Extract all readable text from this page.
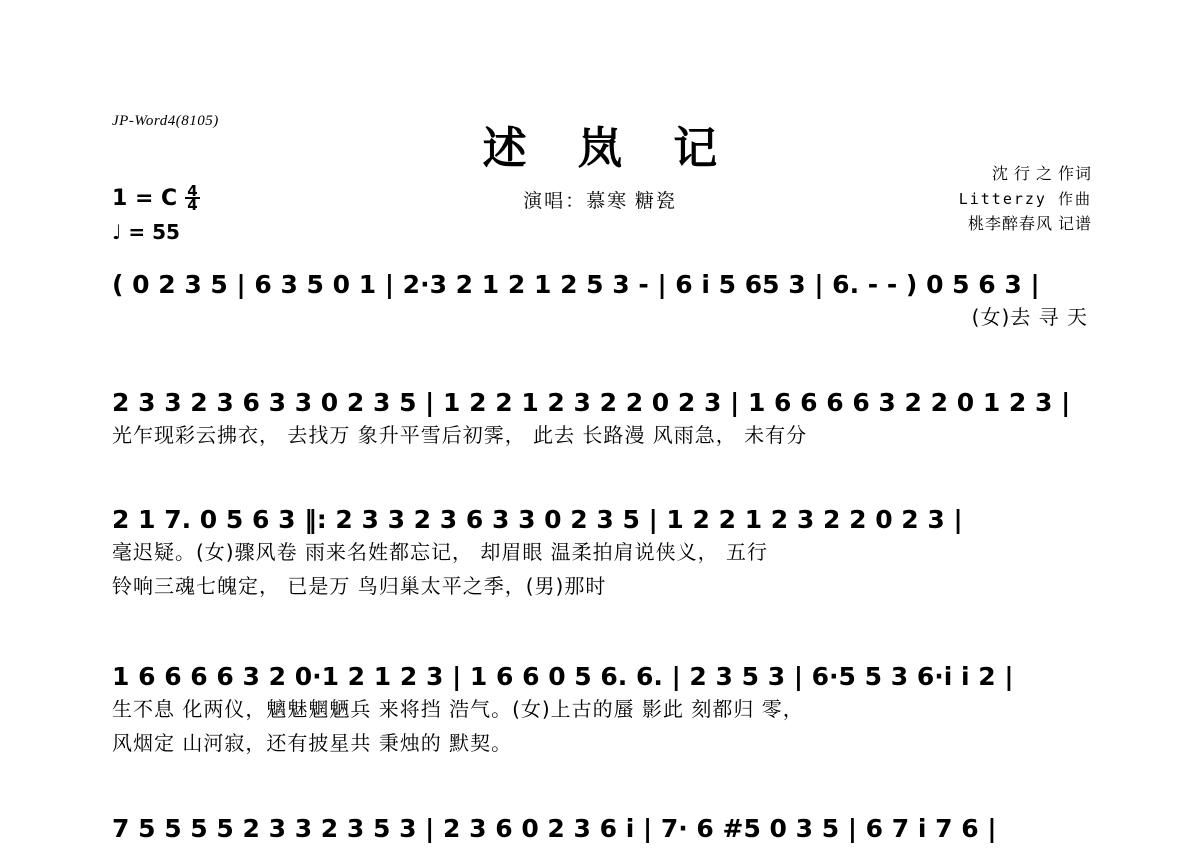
JP-Word4(8105)
述 岚 记
演唱：慕寒 糖瓷
沈 行 之 作词
Litterzy 作曲
桃李醉春风 记谱
1 = C $\frac{4}{4}$
♩ = 55
( 0 2 3 5 | 6 3 5 0 1 | 2·3 2 1 2 1 2 5 3 - | 6 i 5 65 3 | 6. - - ) 0 5 6 3 |
(女)去 寻 天
2 3 3 2 3 6 3 3 0 2 3 5 | 1 2 2 1 2 3 2 2 0 2 3 | 1 6 6 6 6 3 2 2 0 1 2 3 |
光乍现彩云拂衣， 去找万 象升平雪后初霁， 此去 长路漫 风雨急， 未有分
2 1 7. 0 5 6 3 ‖: 2 3 3 2 3 6 3 3 0 2 3 5 | 1 2 2 1 2 3 2 2 0 2 3 |
毫迟疑。(女)骤风卷 雨来名姓都忘记， 却眉眼 温柔拍肩说侠义， 五行
铃响三魂七魄定， 已是万 鸟归巢太平之季，(男)那时
1 6 6 6 6 3 2 0·1 2 1 2 3 | 1 6 6 0 5 6. 6. | 2 3 5 3 | 6·5 5 3 6·i i 2 |
生不息 化两仪，魑魅魍魉兵 来将挡 浩气。(女)上古的蜃 影此 刻都归 零，
风烟定 山河寂，还有披星共 秉烛的 默契。
7 5 5 5 5 2 3 3 2 3 5 3 | 2 3 6 0 2 3 6 i | 7· 6 #5 0 3 5 | 6 7 i 7 6 |
